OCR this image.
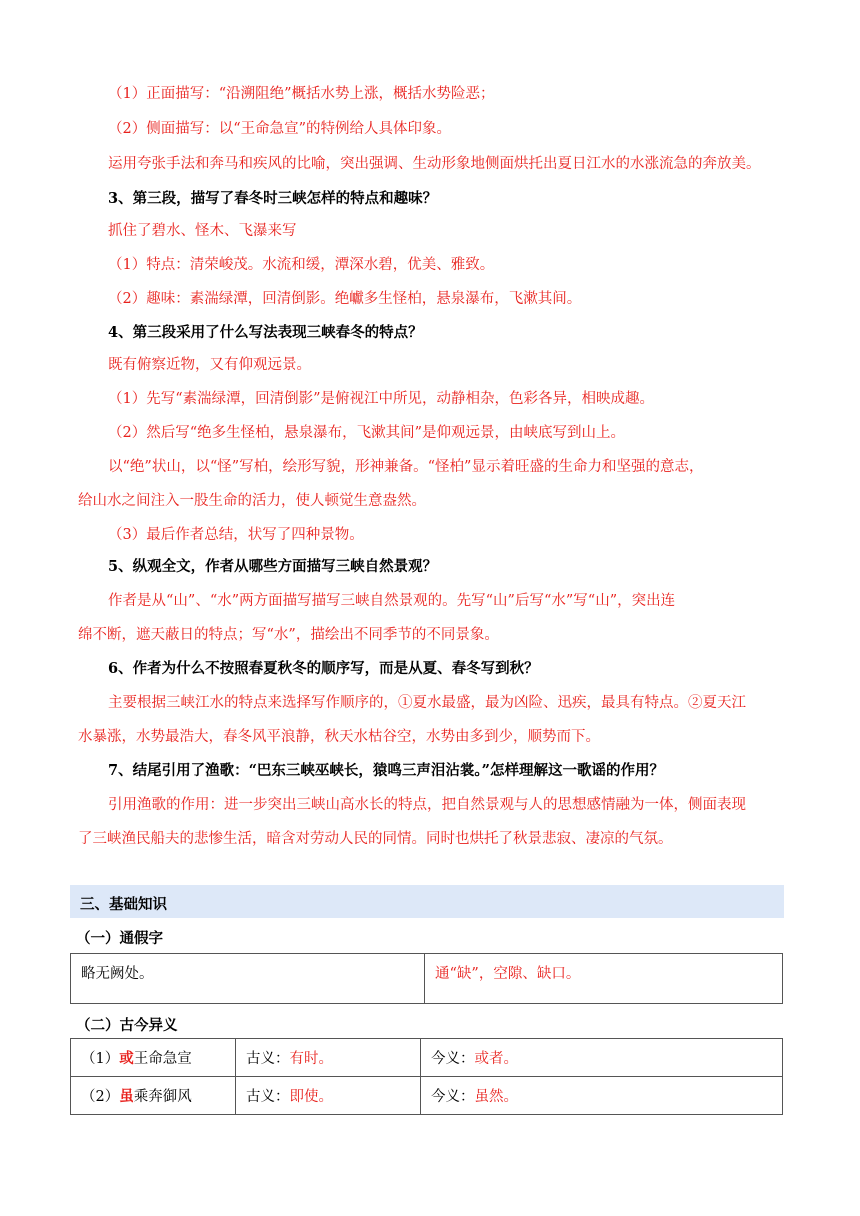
（1）正面描写：“沿溯阻绝”概括水势上涨，概括水势险恶；
（2）侧面描写：以“王命急宣”的特例给人具体印象。
运用夸张手法和奔马和疾风的比喻，突出强调、生动形象地侧面烘托出夏日江水的水涨流急的奔放美。
3、第三段，描写了春冬时三峡怎样的特点和趣味？
抓住了碧水、怪木、飞瀑来写
（1）特点：清荣峻茂。水流和缓，潭深水碧，优美、雅致。
（2）趣味：素湍绿潭，回清倒影。绝巘多生怪柏，悬泉瀑布，飞漱其间。
4、第三段采用了什么写法表现三峡春冬的特点？
既有俯察近物，又有仰观远景。
（1）先写“素湍绿潭，回清倒影”是俯视江中所见，动静相杂，色彩各异，相映成趣。
（2）然后写“绝多生怪柏，悬泉瀑布，飞漱其间”是仰观远景，由峡底写到山上。
以“绝”状山，以“怪”写柏，绘形写貌，形神兼备。“怪柏”显示着旺盛的生命力和坚强的意志，
给山水之间注入一股生命的活力，使人顿觉生意盎然。
（3）最后作者总结，状写了四种景物。
5、纵观全文，作者从哪些方面描写三峡自然景观？
作者是从“山”、“水”两方面描写描写三峡自然景观的。先写“山”后写“水”写“山”，突出连
绵不断，遮天蔽日的特点；写“水”，描绘出不同季节的不同景象。
6、作者为什么不按照春夏秋冬的顺序写，而是从夏、春冬写到秋？
主要根据三峡江水的特点来选择写作顺序的，①夏水最盛，最为凶险、迅疾，最具有特点。②夏天江
水暴涨，水势最浩大，春冬风平浪静，秋天水枯谷空，水势由多到少，顺势而下。
7、结尾引用了渔歌：“巴东三峡巫峡长，猿鸣三声泪沾裳。”怎样理解这一歌谣的作用？
引用渔歌的作用：进一步突出三峡山高水长的特点，把自然景观与人的思想感情融为一体，侧面表现
了三峡渔民船夫的悲惨生活，暗含对劳动人民的同情。同时也烘托了秋景悲寂、凄凉的气氛。
三、基础知识
（一）通假字
略无阙处。	通“缺”，空隙、缺口。
（二）古今异义
（1）或王命急宣	古义：有时。	今义：或者。

（2）虽乘奔御风	古义：即使。	今义：虽然。
